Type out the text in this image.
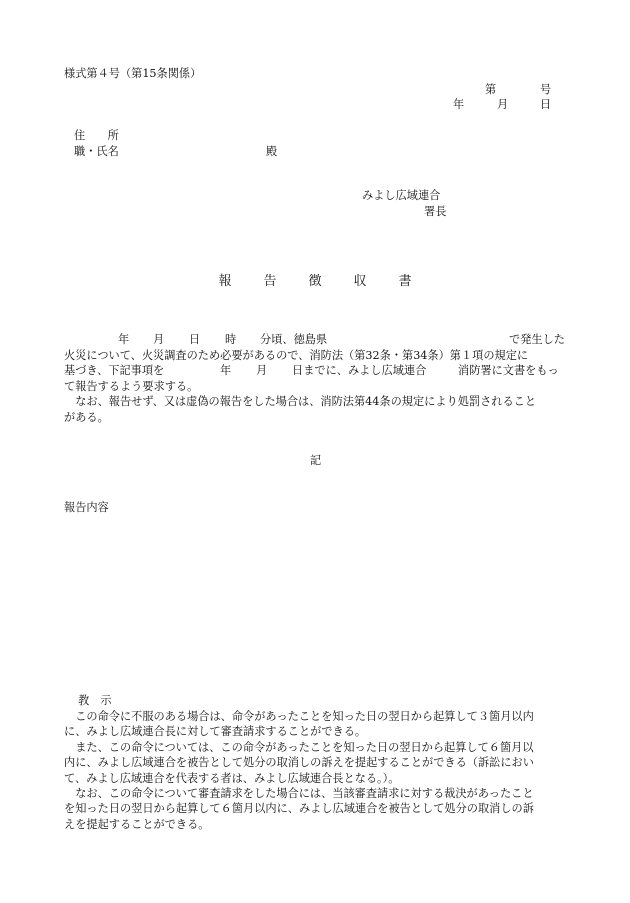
様式第４号（第15条関係）
第	号
年	月	日
住　　所
職・氏名	殿
みよし広域連合
署長
報 告 徴 収 書
年 月 日 時 分頃、徳島県	で発生した
火災について、火災調査のため必要があるので、消防法（第32条・第34条）第１項の規定に
基づき、下記事項を	年 月 日までに、みよし広域連合	消防署に文書をもっ
て報告するよう要求する。
　なお、報告せず、又は虚偽の報告をした場合は、消防法第44条の規定により処罰されること
がある。
記
報告内容
教　示
　この命令に不服のある場合は、命令があったことを知った日の翌日から起算して３箇月以内
に、みよし広域連合長に対して審査請求することができる。
　また、この命令については、この命令があったことを知った日の翌日から起算して６箇月以
内に、みよし広域連合を被告として処分の取消しの訴えを提起することができる（訴訟におい
て、みよし広域連合を代表する者は、みよし広域連合長となる。）。
　なお、この命令について審査請求をした場合には、当該審査請求に対する裁決があったこと
を知った日の翌日から起算して６箇月以内に、みよし広域連合を被告として処分の取消しの訴
えを提起することができる。
